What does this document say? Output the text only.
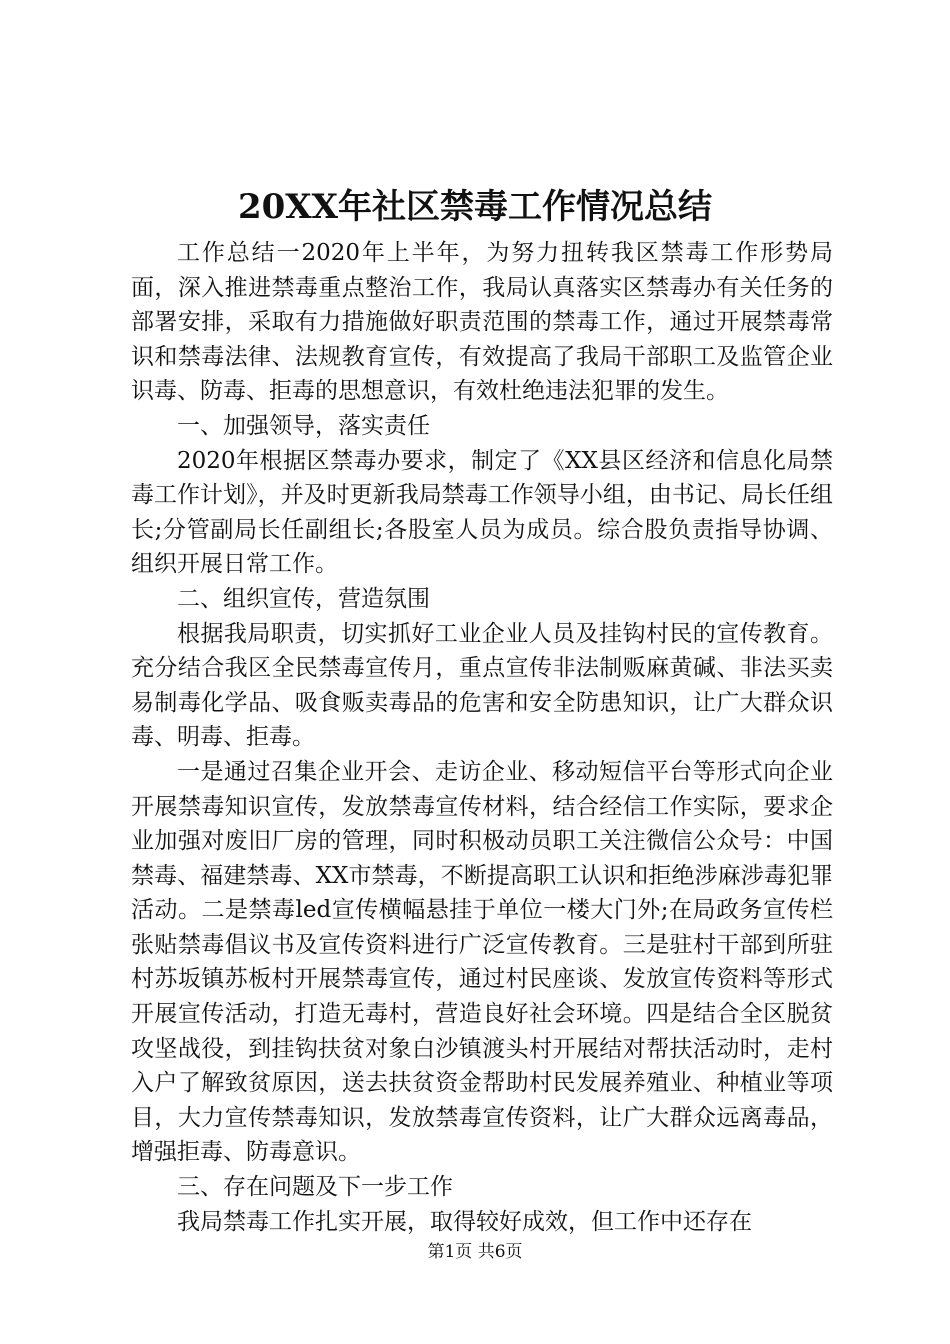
20XX年社区禁毒工作情况总结

工作总结一2020年上半年，为努力扭转我区禁毒工作形势局面，深入推进禁毒重点整治工作，我局认真落实区禁毒办有关任务的部署安排，采取有力措施做好职责范围的禁毒工作，通过开展禁毒常识和禁毒法律、法规教育宣传，有效提高了我局干部职工及监管企业识毒、防毒、拒毒的思想意识，有效杜绝违法犯罪的发生。

一、加强领导，落实责任

2020年根据区禁毒办要求，制定了《XX县区经济和信息化局禁毒工作计划》，并及时更新我局禁毒工作领导小组，由书记、局长任组长;分管副局长任副组长;各股室人员为成员。综合股负责指导协调、组织开展日常工作。

二、组织宣传，营造氛围

根据我局职责，切实抓好工业企业人员及挂钩村民的宣传教育。充分结合我区全民禁毒宣传月，重点宣传非法制贩麻黄碱、非法买卖易制毒化学品、吸食贩卖毒品的危害和安全防患知识，让广大群众识毒、明毒、拒毒。

一是通过召集企业开会、走访企业、移动短信平台等形式向企业开展禁毒知识宣传，发放禁毒宣传材料，结合经信工作实际，要求企业加强对废旧厂房的管理，同时积极动员职工关注微信公众号：中国禁毒、福建禁毒、XX市禁毒，不断提高职工认识和拒绝涉麻涉毒犯罪活动。二是禁毒led宣传横幅悬挂于单位一楼大门外;在局政务宣传栏张贴禁毒倡议书及宣传资料进行广泛宣传教育。三是驻村干部到所驻村苏坂镇苏板村开展禁毒宣传，通过村民座谈、发放宣传资料等形式开展宣传活动，打造无毒村，营造良好社会环境。四是结合全区脱贫攻坚战役，到挂钩扶贫对象白沙镇渡头村开展结对帮扶活动时，走村入户了解致贫原因，送去扶贫资金帮助村民发展养殖业、种植业等项目，大力宣传禁毒知识，发放禁毒宣传资料，让广大群众远离毒品，增强拒毒、防毒意识。

三、存在问题及下一步工作

我局禁毒工作扎实开展，取得较好成效，但工作中还存在

第1页 共6页
